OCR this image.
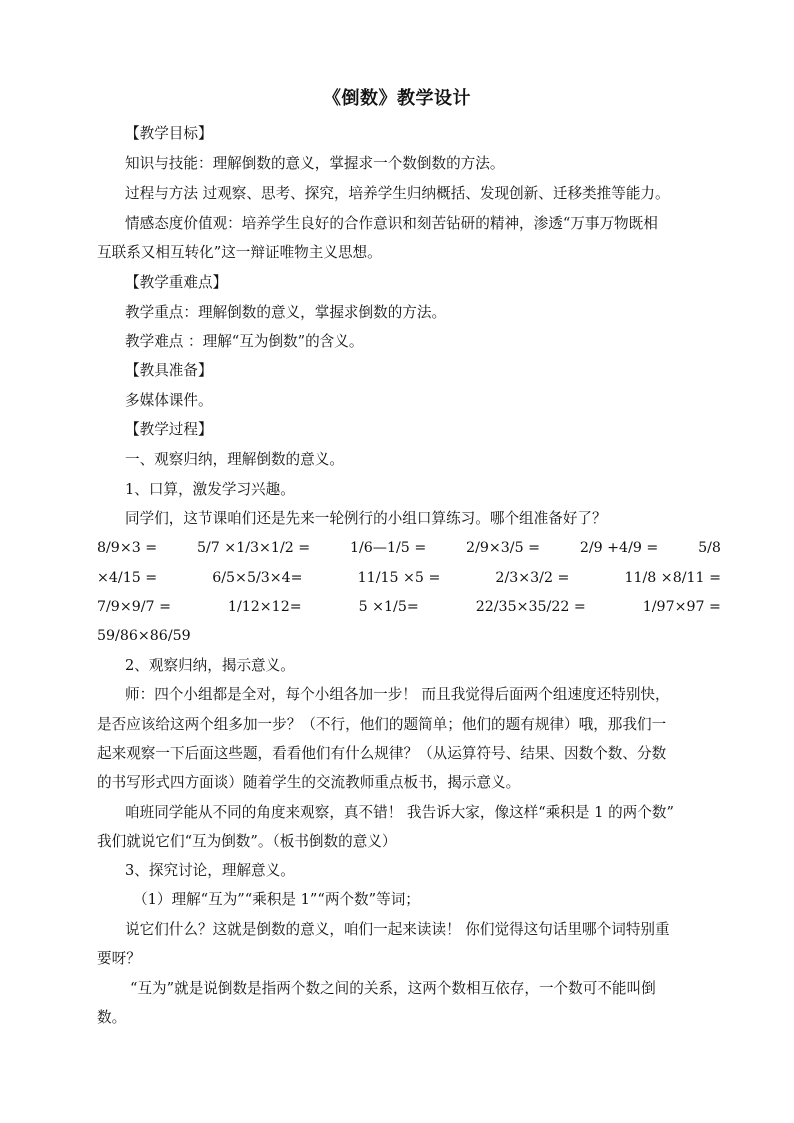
《倒数》教学设计
【教学目标】
知识与技能：理解倒数的意义，掌握求一个数倒数的方法。
过程与方法 过观察、思考、探究，培养学生归纳概括、发现创新、迁移类推等能力。
情感态度价值观：培养学生良好的合作意识和刻苦钻研的精神，渗透“万事万物既相
互联系又相互转化”这一辩证唯物主义思想。
【教学重难点】
教学重点：理解倒数的意义，掌握求倒数的方法。
教学难点 ：理解“互为倒数”的含义。
【教具准备】
多媒体课件。
【教学过程】
一、观察归纳，理解倒数的意义。
1、口算，激发学习兴趣。
同学们，这节课咱们还是先来一轮例行的小组口算练习。哪个组准备好了？
8/9×3 =	5/7 ×1/3×1/2 =	1/6—1/5 =	2/9×3/5 =	2/9 +4/9 =	5/8
×4/15 =	6/5×5/3×4=	11/15 ×5 =	2/3×3/2 =	11/8 ×8/11 =
7/9×9/7 =	1/12×12=	5 ×1/5=	22/35×35/22 =	1/97×97 =
59/86×86/59
2、观察归纳，揭示意义。
师：四个小组都是全对，每个小组各加一步！ 而且我觉得后面两个组速度还特别快，
是否应该给这两个组多加一步？（不行，他们的题简单；他们的题有规律）哦，那我们一
起来观察一下后面这些题，看看他们有什么规律？（从运算符号、结果、因数个数、分数
的书写形式四方面谈）随着学生的交流教师重点板书，揭示意义。
咱班同学能从不同的角度来观察，真不错！ 我告诉大家，像这样“乘积是 1 的两个数”
我们就说它们“互为倒数”。（板书倒数的意义）
3、探究讨论，理解意义。
（1）理解“互为”“乘积是 1”“两个数”等词；
说它们什么？这就是倒数的意义，咱们一起来读读！ 你们觉得这句话里哪个词特别重
要呀？
“互为”就是说倒数是指两个数之间的关系，这两个数相互依存，一个数可不能叫倒
数。
